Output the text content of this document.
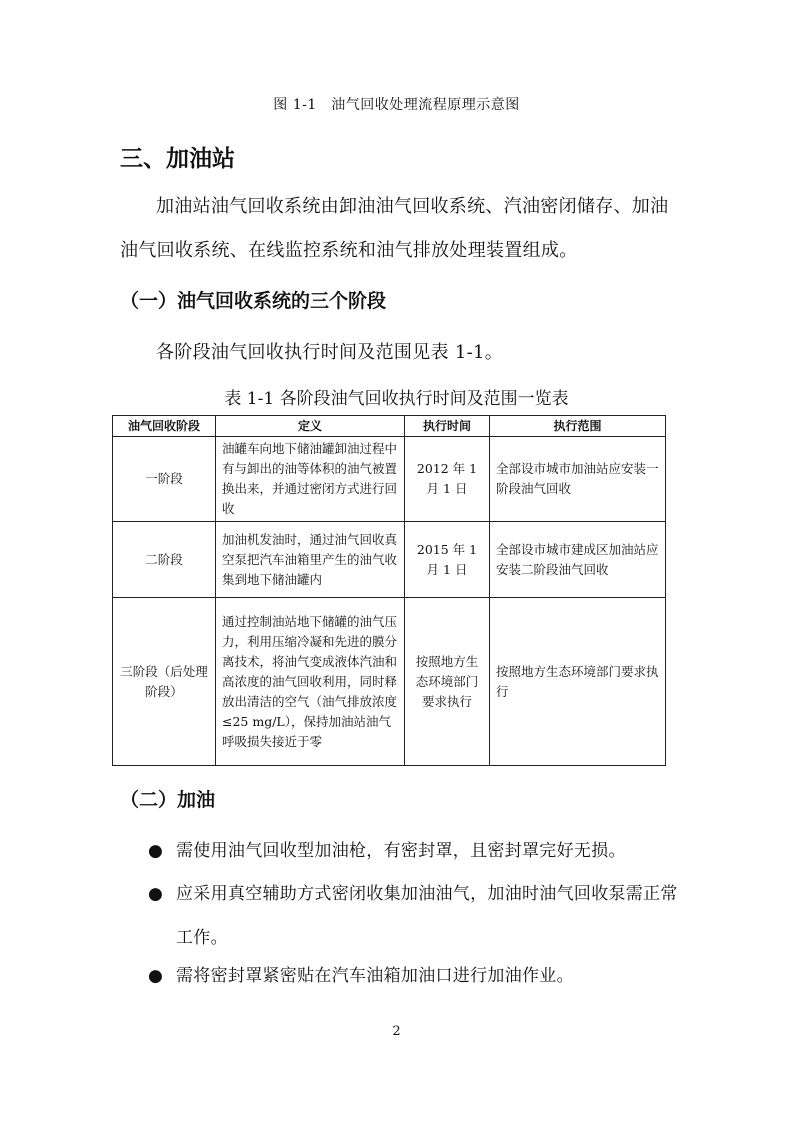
图 1-1　油气回收处理流程原理示意图
三、加油站
加油站油气回收系统由卸油油气回收系统、汽油密闭储存、加油
油气回收系统、在线监控系统和油气排放处理装置组成。
（一）油气回收系统的三个阶段
各阶段油气回收执行时间及范围见表 1-1。
表 1-1 各阶段油气回收执行时间及范围一览表
油气回收阶段	定义	执行时间	执行范围
一阶段	油罐车向地下储油罐卸油过程中有与卸出的油等体积的油气被置换出来，并通过密闭方式进行回收	2012 年 1 月 1 日	全部设市城市加油站应安装一阶段油气回收
二阶段	加油机发油时，通过油气回收真空泵把汽车油箱里产生的油气收集到地下储油罐内	2015 年 1 月 1 日	全部设市城市建成区加油站应安装二阶段油气回收
三阶段（后处理阶段）	通过控制油站地下储罐的油气压力，利用压缩冷凝和先进的膜分离技术，将油气变成液体汽油和高浓度的油气回收利用，同时释放出清洁的空气（油气排放浓度≤25 mg/L），保持加油站油气呼吸损失接近于零	按照地方生态环境部门要求执行	按照地方生态环境部门要求执行
（二）加油
● 需使用油气回收型加油枪，有密封罩，且密封罩完好无损。
● 应采用真空辅助方式密闭收集加油油气，加油时油气回收泵需正常工作。
● 需将密封罩紧密贴在汽车油箱加油口进行加油作业。
2
